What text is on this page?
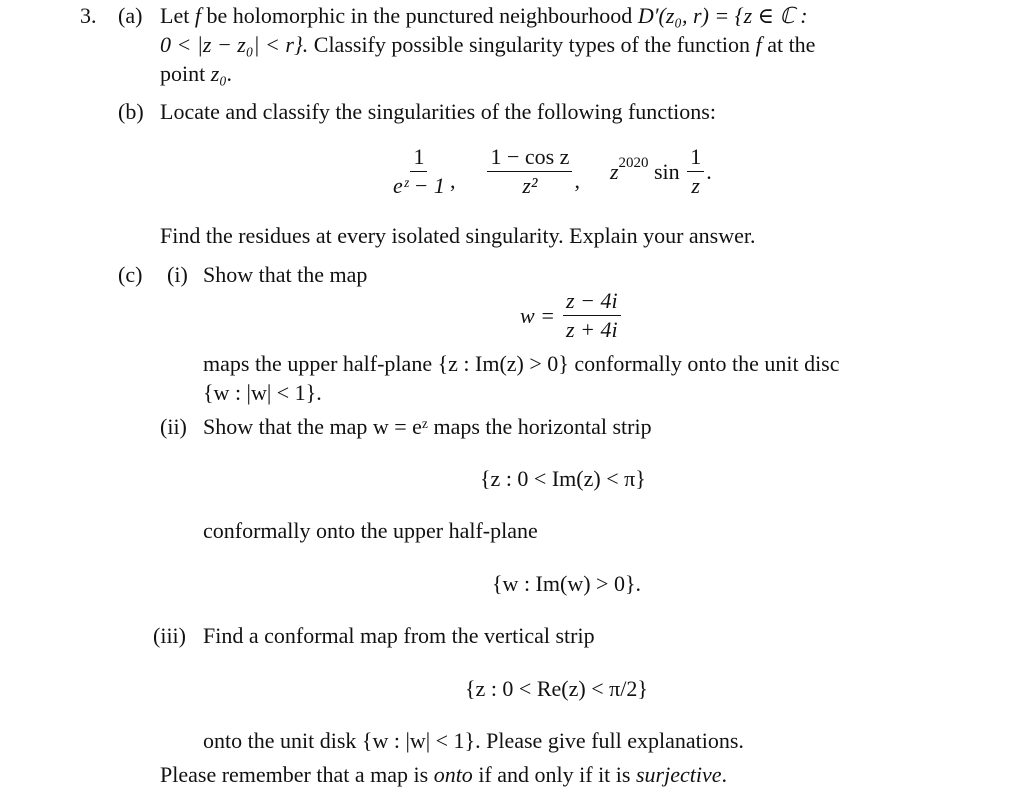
3. (a) Let f be holomorphic in the punctured neighbourhood D′(z₀, r) = {z ∈ ℂ :
0 < |z − z₀| < r}. Classify possible singularity types of the function f at the
point z₀.
(b) Locate and classify the singularities of the following functions:
$\frac{1}{\text{eᶻ − 1}}$ , $\frac{\text{1 − cos z}}{\text{z²}}$ , $z^{2020}$ $\sin \frac{1}{z}$ .
Find the residues at every isolated singularity. Explain your answer.
(c) (i) Show that the map
$w = \frac{z - 4i}{z + 4i}$
maps the upper half-plane {z : Im(z) > 0} conformally onto the unit disc
{w : |w| < 1}.
(ii) Show that the map w = eᶻ maps the horizontal strip
{z : 0 < Im(z) < π}
conformally onto the upper half-plane
{w : Im(w) > 0}.
(iii) Find a conformal map from the vertical strip
{z : 0 < Re(z) < π/2}
onto the unit disk {w : |w| < 1}. Please give full explanations.
Please remember that a map is onto if and only if it is surjective.
